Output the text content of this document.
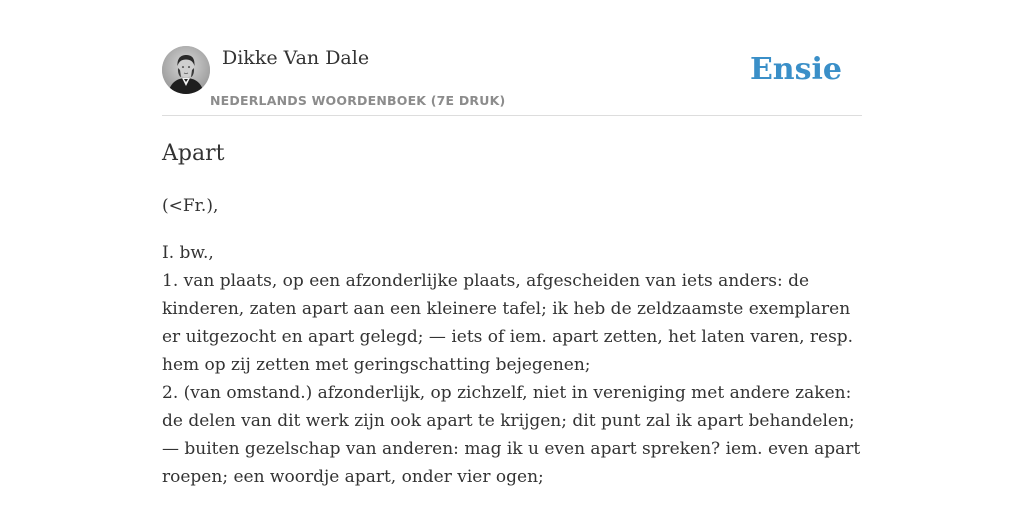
Dikke Van Dale
NEDERLANDS WOORDENBOEK (7E DRUK)
Ensie
Apart
(<Fr.),

I. bw.,

1. van plaats, op een afzonderlijke plaats, afgescheiden van iets anders: de

kinderen, zaten apart aan een kleinere tafel; ik heb de zeldzaamste exemplaren

er uitgezocht en apart gelegd; — iets of iem. apart zetten, het laten varen, resp.

hem op zij zetten met geringschatting bejegenen;

2. (van omstand.) afzonderlijk, op zichzelf, niet in vereniging met andere zaken:

de delen van dit werk zijn ook apart te krijgen; dit punt zal ik apart behandelen;

— buiten gezelschap van anderen: mag ik u even apart spreken? iem. even apart

roepen; een woordje apart, onder vier ogen;
